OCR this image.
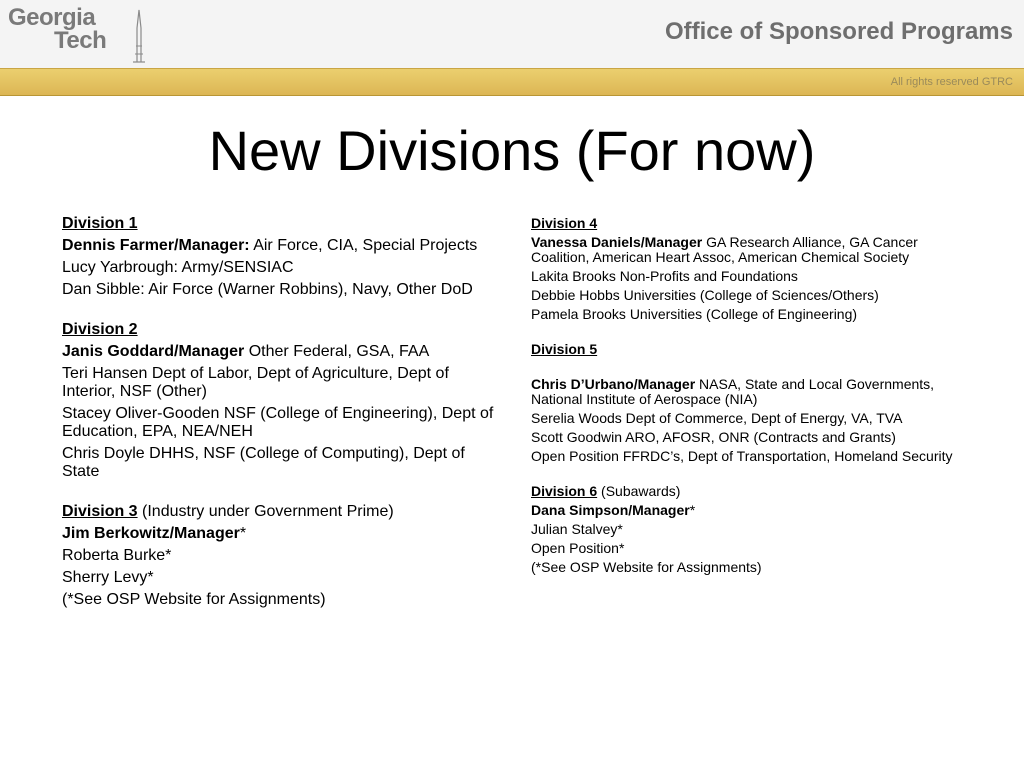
Georgia
Tech	Office of Sponsored Programs
All rights reserved GTRC
New Divisions (For now)

Division 1

Dennis Farmer/Manager: Air Force, CIA, Special Projects

Lucy Yarbrough: Army/SENSIAC

Dan Sibble: Air Force (Warner Robbins), Navy, Other DoD

Division 2

Janis Goddard/Manager Other Federal, GSA, FAA

Teri Hansen Dept of Labor, Dept of Agriculture, Dept of Interior, NSF (Other)

Stacey Oliver-Gooden NSF (College of Engineering), Dept of Education, EPA, NEA/NEH

Chris Doyle DHHS, NSF (College of Computing), Dept of State

Division 3 (Industry under Government Prime)

Jim Berkowitz/Manager*

Roberta Burke*

Sherry Levy*

(*See OSP Website for Assignments)

Division 4

Vanessa Daniels/Manager GA Research Alliance, GA Cancer Coalition, American Heart Assoc, American Chemical Society

Lakita Brooks Non-Profits and Foundations

Debbie Hobbs Universities (College of Sciences/Others)

Pamela Brooks Universities (College of Engineering)

Division 5

Chris D’Urbano/Manager NASA, State and Local Governments, National Institute of Aerospace (NIA)

Serelia Woods Dept of Commerce, Dept of Energy, VA, TVA

Scott Goodwin ARO, AFOSR, ONR (Contracts and Grants)

Open Position FFRDC’s, Dept of Transportation, Homeland Security

Division 6 (Subawards)

Dana Simpson/Manager*

Julian Stalvey*

Open Position*

(*See OSP Website for Assignments)
